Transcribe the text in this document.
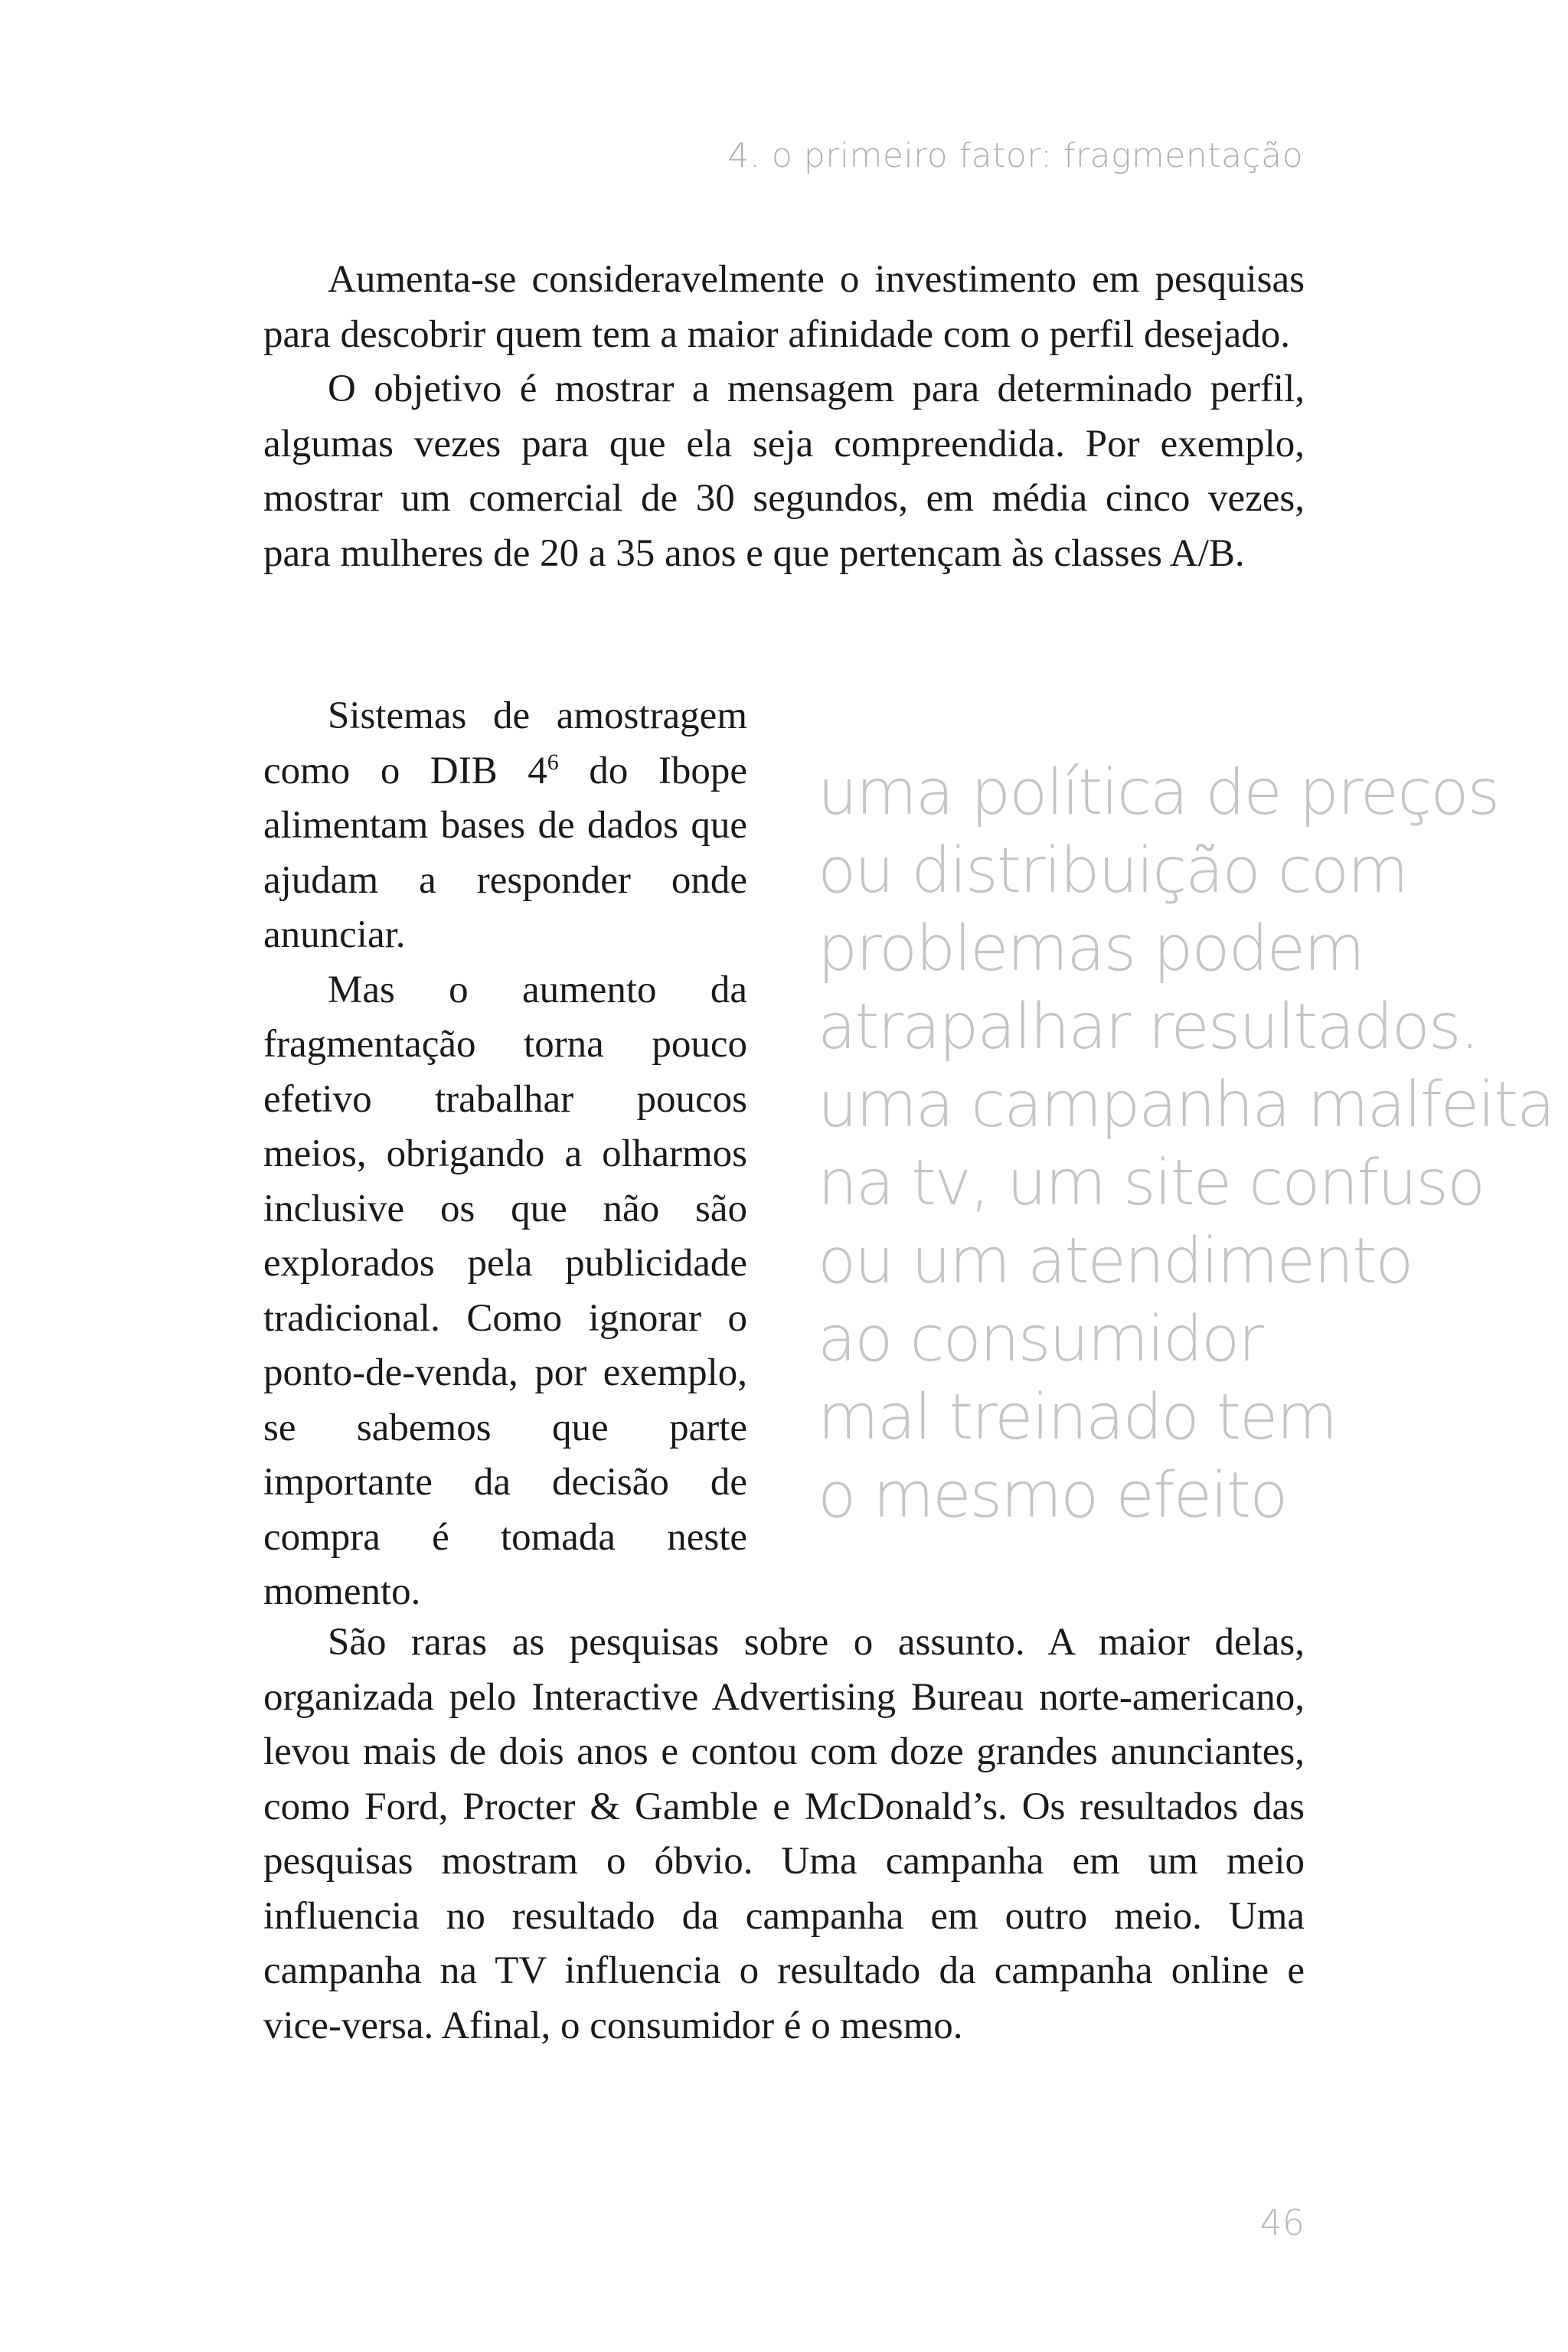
4. o primeiro fator: fragmentação

Aumenta-se consideravelmente o investimento em pesquisas para descobrir quem tem a maior afinidade com o perfil desejado.

O objetivo é mostrar a mensagem para determinado perfil, algumas vezes para que ela seja compreendida. Por exemplo, mostrar um comercial de 30 segundos, em média cinco vezes, para mulheres de 20 a 35 anos e que pertençam às classes A/B.

Sistemas de amostragem como o DIB $4^6$ do Ibope alimentam bases de dados que ajudam a responder onde anunciar.

Mas o aumento da fragmentação torna pouco efetivo trabalhar poucos meios, obrigando a olharmos inclusive os que não são explorados pela publicidade tradicional. Como ignorar o ponto-de-venda, por exemplo, se sabemos que parte importante da decisão de compra é tomada neste momento.

uma política de preços
ou distribuição com
problemas podem
atrapalhar resultados.
uma campanha malfeita
na tv, um site confuso
ou um atendimento
ao consumidor
mal treinado tem
o mesmo efeito

São raras as pesquisas sobre o assunto. A maior delas, organizada pelo Interactive Advertising Bureau norte-americano, levou mais de dois anos e contou com doze grandes anunciantes, como Ford, Procter & Gamble e McDonald’s. Os resultados das pesquisas mostram o óbvio. Uma campanha em um meio influencia no resultado da campanha em outro meio. Uma campanha na TV influencia o resultado da campanha online e vice-versa. Afinal, o consumidor é o mesmo.

46
